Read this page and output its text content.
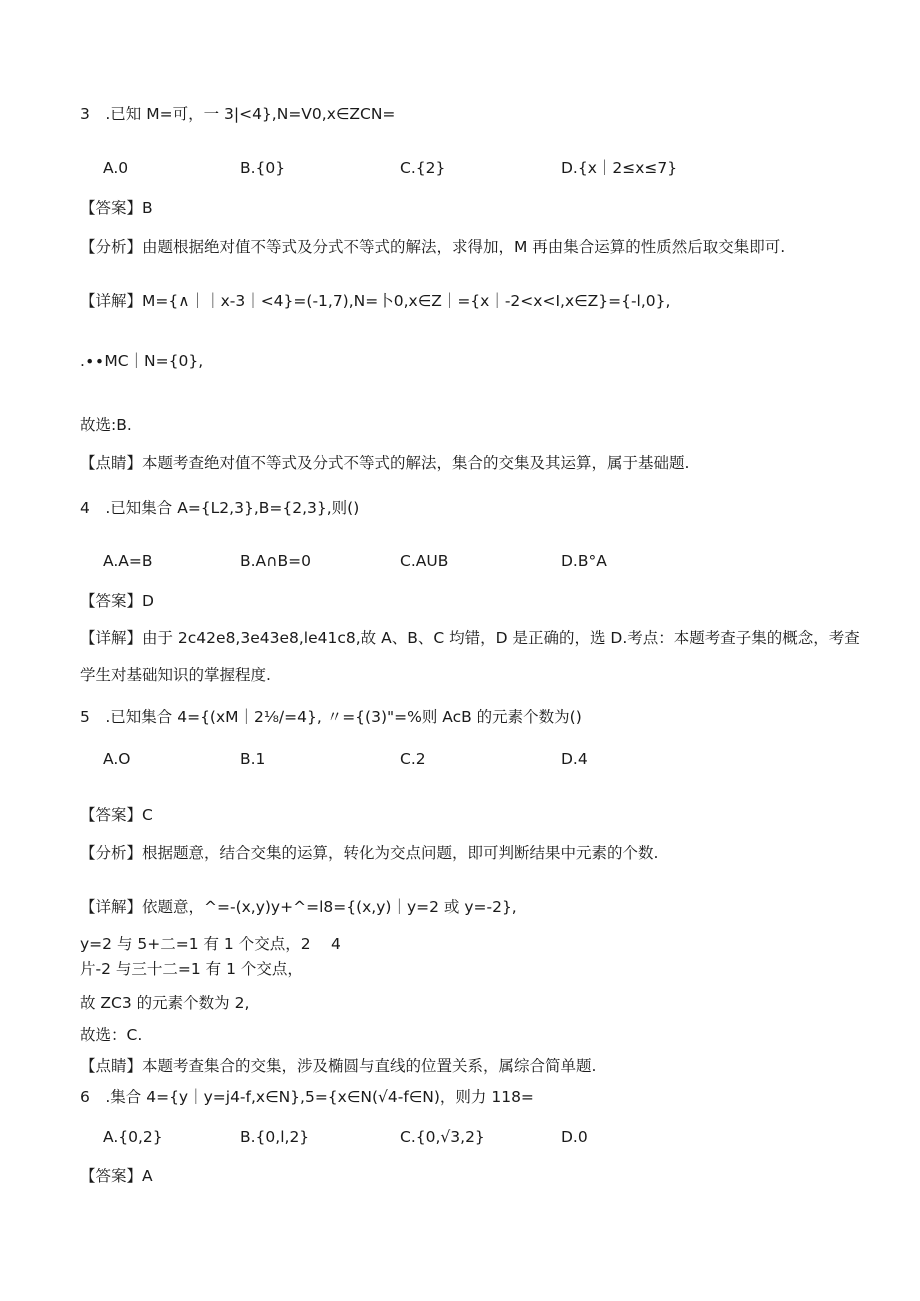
3　.已知 M=可，一 3|<4},N=V0,x∈ZCN=
A.0	B.{0}	C.{2}	D.{x｜2≤x≤7}
【答案】B
【分析】由题根据绝对值不等式及分式不等式的解法，求得加，M 再由集合运算的性质然后取交集即可.
【详解】M={∧｜｜x-3｜<4}=(-1,7),N=卜0,x∈Z｜={x｜-2<x<I,x∈Z}={-l,0},
.∙∙MC｜N={0},
故选:B.
【点睛】本题考查绝对值不等式及分式不等式的解法，集合的交集及其运算，属于基础题.
4　.已知集合 A={L2,3},B={2,3},则()
A.A=B	B.A∩B=0	C.AUB	D.B°A
【答案】D
【详解】由于 2c42e8,3e43e8,le41c8,故 A、B、C 均错，D 是正确的，选 D.考点：本题考查子集的概念，考查
学生对基础知识的掌握程度.
5　.已知集合 4={(xM｜2⅛∕=4}, 〃={(3)"=%则 AcB 的元素个数为()
A.O	B.1	C.2	D.4
【答案】C
【分析】根据题意，结合交集的运算，转化为交点问题，即可判断结果中元素的个数.
【详解】依题意，^=-(x,y)y+^=l8={(x,y)｜y=2 或 y=-2},
y=2 与 5+二=1 有 1 个交点，2　 4
片-2 与三十二=1 有 1 个交点，
故 ZC3 的元素个数为 2,
故选：C.
【点睛】本题考查集合的交集，涉及椭圆与直线的位置关系，属综合简单题.
6　.集合 4={y｜y=j4-f,x∈N},5={x∈N(√4-f∈N)，则力 118=
A.{0,2}	B.{0,l,2}	C.{0,√3,2}	D.0
【答案】A
